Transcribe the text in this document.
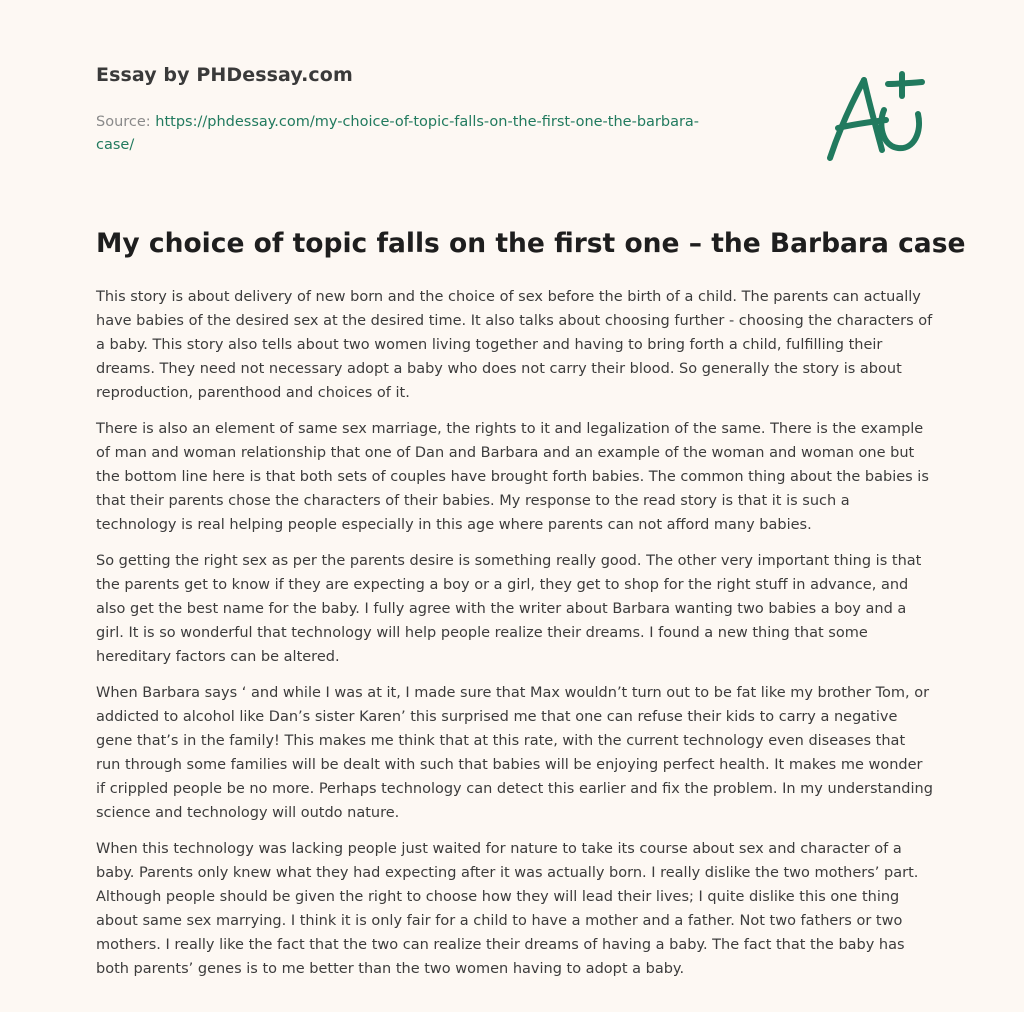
Essay by PHDessay.com
Source: https://phdessay.com/my-choice-of-topic-falls-on-the-first-one-the-barbara-case/
My choice of topic falls on the first one – the Barbara case

This story is about delivery of new born and the choice of sex before the birth of a child. The parents can actually have babies of the desired sex at the desired time. It also talks about choosing further - choosing the characters of a baby. This story also tells about two women living together and having to bring forth a child, fulfilling their dreams. They need not necessary adopt a baby who does not carry their blood. So generally the story is about reproduction, parenthood and choices of it.

There is also an element of same sex marriage, the rights to it and legalization of the same. There is the example of man and woman relationship that one of Dan and Barbara and an example of the woman and woman one but the bottom line here is that both sets of couples have brought forth babies. The common thing about the babies is that their parents chose the characters of their babies. My response to the read story is that it is such a technology is real helping people especially in this age where parents can not afford many babies.

So getting the right sex as per the parents desire is something really good. The other very important thing is that the parents get to know if they are expecting a boy or a girl, they get to shop for the right stuff in advance, and also get the best name for the baby. I fully agree with the writer about Barbara wanting two babies a boy and a girl. It is so wonderful that technology will help people realize their dreams. I found a new thing that some hereditary factors can be altered.

When Barbara says ‘ and while I was at it, I made sure that Max wouldn’t turn out to be fat like my brother Tom, or addicted to alcohol like Dan’s sister Karen’ this surprised me that one can refuse their kids to carry a negative gene that’s in the family! This makes me think that at this rate, with the current technology even diseases that run through some families will be dealt with such that babies will be enjoying perfect health. It makes me wonder if crippled people be no more. Perhaps technology can detect this earlier and fix the problem. In my understanding science and technology will outdo nature.

When this technology was lacking people just waited for nature to take its course about sex and character of a baby. Parents only knew what they had expecting after it was actually born. I really dislike the two mothers’ part. Although people should be given the right to choose how they will lead their lives; I quite dislike this one thing about same sex marrying. I think it is only fair for a child to have a mother and a father. Not two fathers or two mothers. I really like the fact that the two can realize their dreams of having a baby. The fact that the baby has both parents’ genes is to me better than the two women having to adopt a baby.
